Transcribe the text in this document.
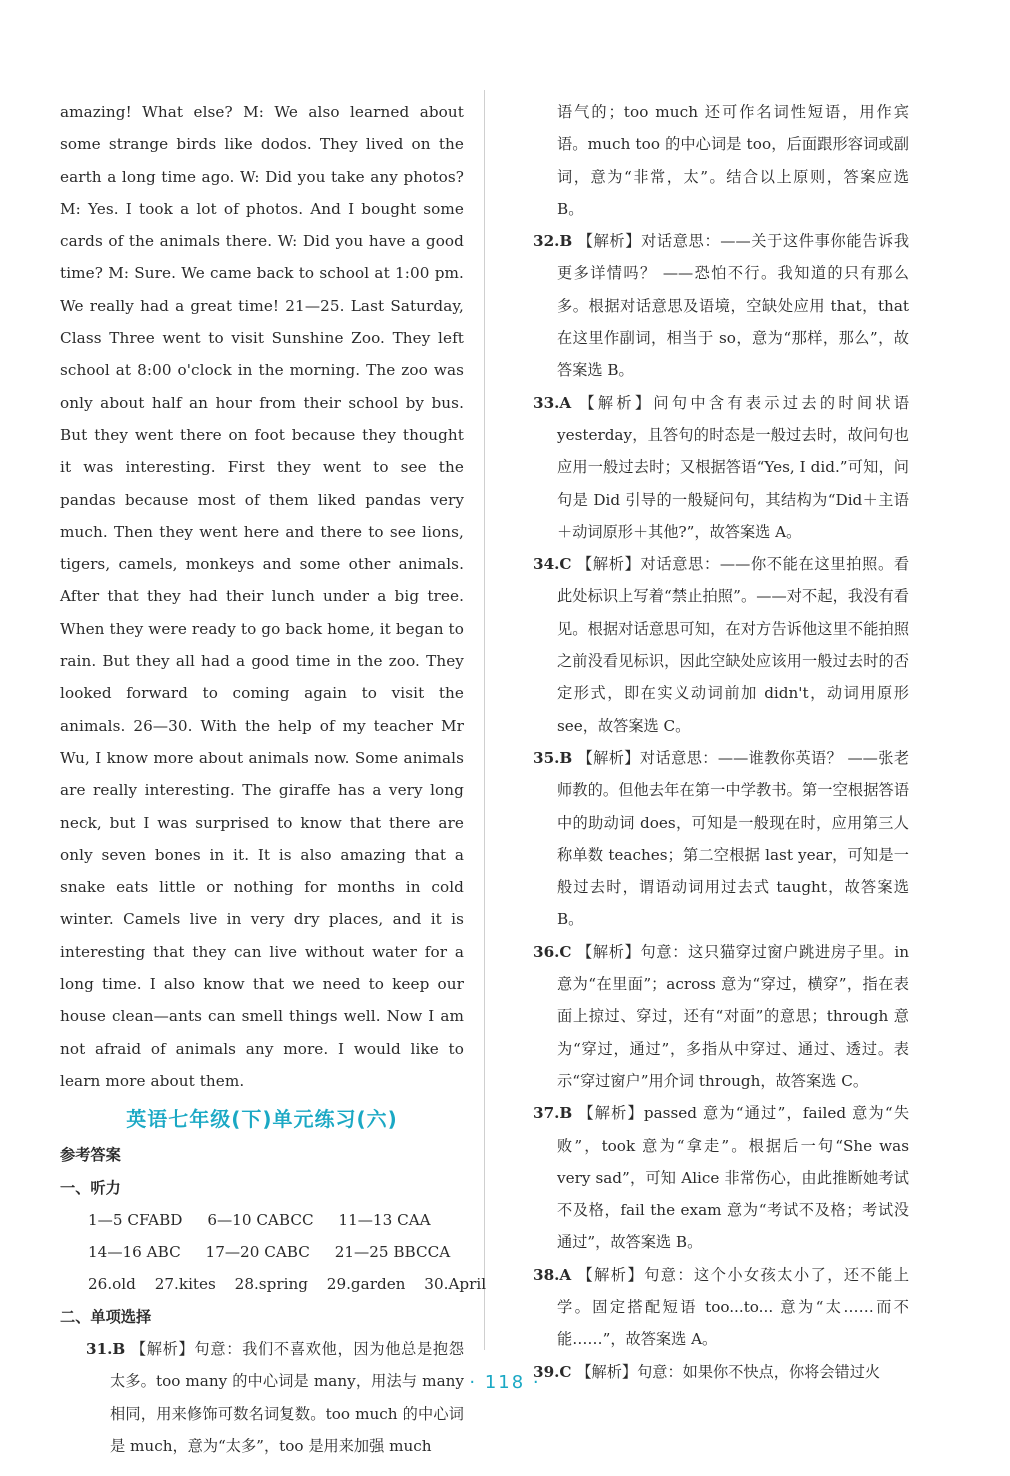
amazing! What else? M: We also learned about some strange birds like dodos. They lived on the earth a long time ago. W: Did you take any photos? M: Yes. I took a lot of photos. And I bought some cards of the animals there. W: Did you have a good time? M: Sure. We came back to school at 1:00 pm. We really had a great time! 21—25. Last Saturday, Class Three went to visit Sunshine Zoo. They left school at 8:00 o'clock in the morning. The zoo was only about half an hour from their school by bus. But they went there on foot because they thought it was interesting. First they went to see the pandas because most of them liked pandas very much. Then they went here and there to see lions, tigers, camels, monkeys and some other animals. After that they had their lunch under a big tree. When they were ready to go back home, it began to rain. But they all had a good time in the zoo. They looked forward to coming again to visit the animals. 26—30. With the help of my teacher Mr Wu, I know more about animals now. Some animals are really interesting. The giraffe has a very long neck, but I was surprised to know that there are only seven bones in it. It is also amazing that a snake eats little or nothing for months in cold winter. Camels live in very dry places, and it is interesting that they can live without water for a long time. I also know that we need to keep our house clean—ants can smell things well. Now I am not afraid of animals any more. I would like to learn more about them.
英语七年级(下)单元练习(六)
参考答案
一、听力
1—5 CFABD 6—10 CABCC 11—13 CAA
14—16 ABC 17—20 CABC 21—25 BBCCA
26.old 27.kites 28.spring 29.garden 30.April
二、单项选择
31.B 【解析】句意：我们不喜欢他，因为他总是抱怨太多。too many 的中心词是 many，用法与 many 相同，用来修饰可数名词复数。too much 的中心词是 much，意为“太多”，too 是用来加强 much
语气的；too much 还可作名词性短语，用作宾语。much too 的中心词是 too，后面跟形容词或副词，意为“非常，太”。结合以上原则，答案应选 B。
32.B 【解析】对话意思：——关于这件事你能告诉我更多详情吗？ ——恐怕不行。我知道的只有那么多。根据对话意思及语境，空缺处应用 that，that 在这里作副词，相当于 so，意为“那样，那么”，故答案选 B。
33.A 【解析】问句中含有表示过去的时间状语 yesterday，且答句的时态是一般过去时，故问句也应用一般过去时；又根据答语“Yes, I did.”可知，问句是 Did 引导的一般疑问句，其结构为“Did＋主语＋动词原形＋其他?”，故答案选 A。
34.C 【解析】对话意思：——你不能在这里拍照。看此处标识上写着“禁止拍照”。——对不起，我没有看见。根据对话意思可知，在对方告诉他这里不能拍照之前没看见标识，因此空缺处应该用一般过去时的否定形式，即在实义动词前加 didn't，动词用原形 see，故答案选 C。
35.B 【解析】对话意思：——谁教你英语？ ——张老师教的。但他去年在第一中学教书。第一空根据答语中的助动词 does，可知是一般现在时，应用第三人称单数 teaches；第二空根据 last year，可知是一般过去时，谓语动词用过去式 taught，故答案选 B。
36.C 【解析】句意：这只猫穿过窗户跳进房子里。in 意为“在里面”；across 意为“穿过，横穿”，指在表面上掠过、穿过，还有“对面”的意思；through 意为“穿过，通过”，多指从中穿过、通过、透过。表示“穿过窗户”用介词 through，故答案选 C。
37.B 【解析】passed 意为“通过”，failed 意为“失败”，took 意为“拿走”。根据后一句“She was very sad”，可知 Alice 非常伤心，由此推断她考试不及格，fail the exam 意为“考试不及格；考试没通过”，故答案选 B。
38.A 【解析】句意：这个小女孩太小了，还不能上学。固定搭配短语 too...to... 意为“太……而不能……”，故答案选 A。
39.C 【解析】句意：如果你不快点，你将会错过火
· 118 ·
